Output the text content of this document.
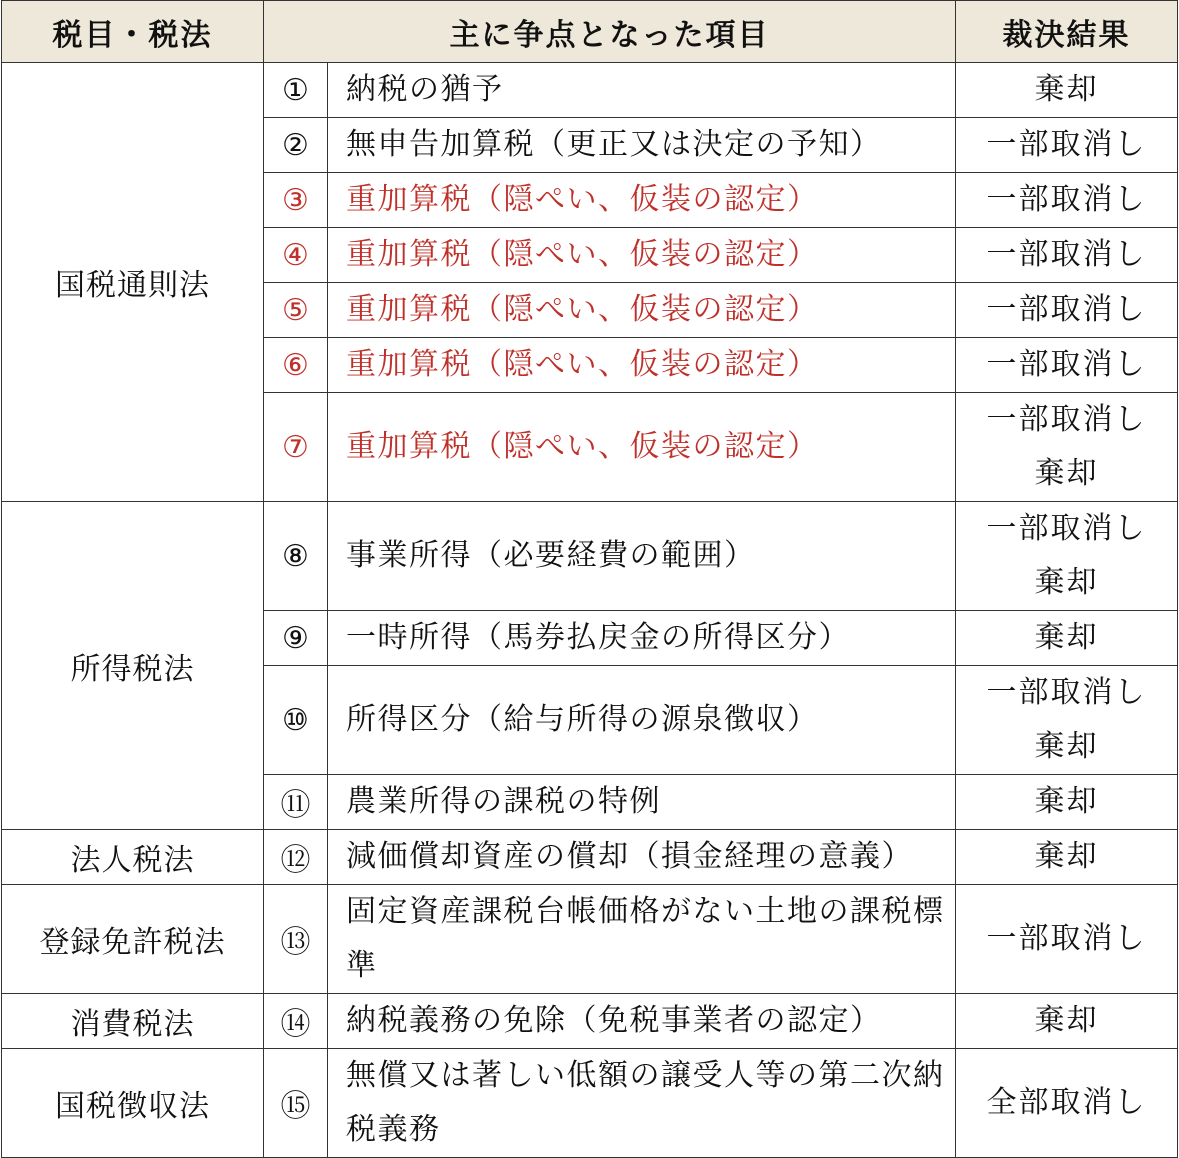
税目・税法	主に争点となった項目		裁決結果
国税通則法	①	納税の猶予	棄却

	②	無申告加算税（更正又は決定の予知）	一部取消し

	③	重加算税（隠ぺい、仮装の認定）	一部取消し

	④	重加算税（隠ぺい、仮装の認定）	一部取消し

	⑤	重加算税（隠ぺい、仮装の認定）	一部取消し

	⑥	重加算税（隠ぺい、仮装の認定）	一部取消し

	⑦	重加算税（隠ぺい、仮装の認定）	一部取消し
棄却

所得税法	⑧	事業所得（必要経費の範囲）	一部取消し
棄却

	⑨	一時所得（馬券払戻金の所得区分）	棄却

	⑩	所得区分（給与所得の源泉徴収）	一部取消し
棄却

	⑪	農業所得の課税の特例	棄却

法人税法	⑫	減価償却資産の償却（損金経理の意義）	棄却

登録免許税法	⑬	固定資産課税台帳価格がない土地の課税標準	一部取消し

消費税法	⑭	納税義務の免除（免税事業者の認定）	棄却

国税徴収法	⑮	無償又は著しい低額の譲受人等の第二次納税義務	全部取消し
